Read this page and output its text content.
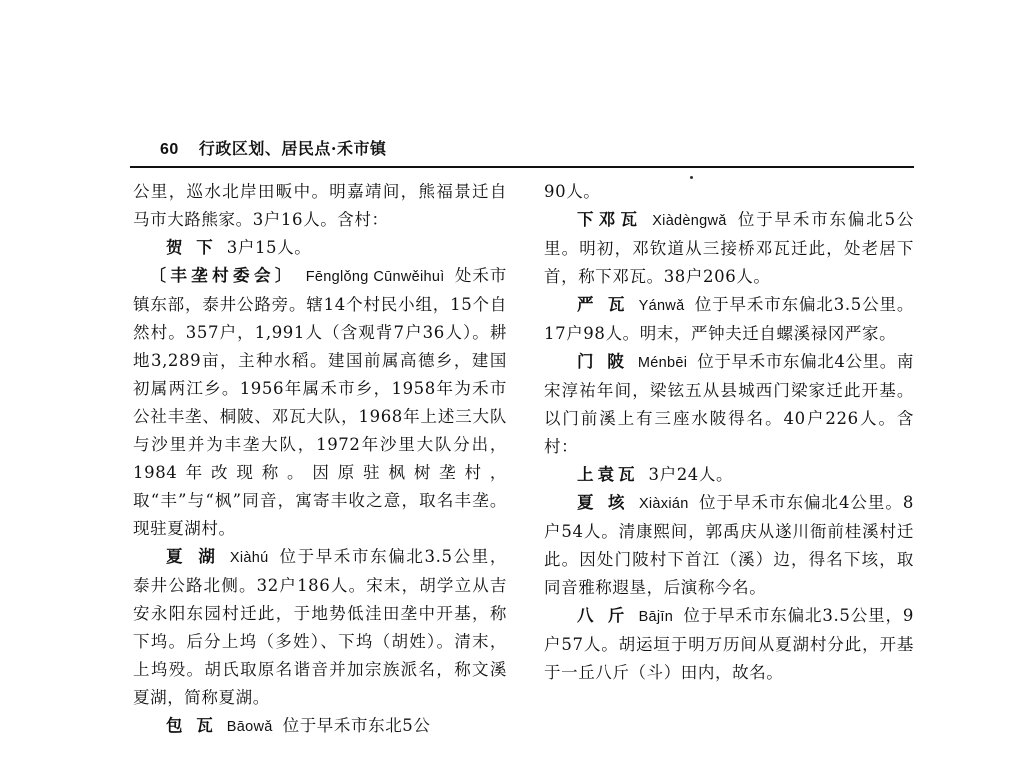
60 行政区划、居民点·禾市镇

公里，巡水北岸田畈中。明嘉靖间，熊福景迁自马市大路熊家。3户16人。含村：

贺 下 3户15人。

〔丰垄村委会〕 Fēnglǒng Cūnwěihuì 处禾市镇东部，泰井公路旁。辖14个村民小组，15个自然村。357户，1,991人（含观背7户36人）。耕地3,289亩，主种水稻。建国前属高德乡，建国初属两江乡。1956年属禾市乡，1958年为禾市公社丰垄、桐陂、邓瓦大队，1968年上述三大队与沙里并为丰垄大队，1972年沙里大队分出，1984年改现称。因原驻枫树垄村，取“丰”与“枫”同音，寓寄丰收之意，取名丰垄。现驻夏湖村。

夏 湖 Xiàhú 位于早禾市东偏北3.5公里，泰井公路北侧。32户186人。宋末，胡学立从吉安永阳东园村迁此，于地势低洼田垄中开基，称下坞。后分上坞（多姓）、下坞（胡姓）。清末，上坞殁。胡氏取原名谐音并加宗族派名，称文溪夏湖，简称夏湖。

包 瓦 Bāowǎ 位于早禾市东北5公

90人。

下邓瓦 Xiàdèngwǎ 位于早禾市东偏北5公里。明初，邓钦道从三接桥邓瓦迁此，处老居下首，称下邓瓦。38户206人。

严 瓦 Yánwǎ 位于早禾市东偏北3.5公里。17户98人。明末，严钟夫迁自螺溪禄冈严家。

门 陂 Ménbēi 位于早禾市东偏北4公里。南宋淳祐年间，梁铉五从县城西门梁家迁此开基。以门前溪上有三座水陂得名。40户226人。含村：

上袁瓦 3户24人。

夏 垓 Xiàxián 位于早禾市东偏北4公里。8户54人。清康熙间，郭禹庆从遂川衙前桂溪村迁此。因处门陂村下首江（溪）边，得名下垓，取同音雅称遐垦，后演称今名。

八 斤 Bājīn 位于早禾市东偏北3.5公里，9户57人。胡运垣于明万历间从夏湖村分此，开基于一丘八斤（斗）田内，故名。
